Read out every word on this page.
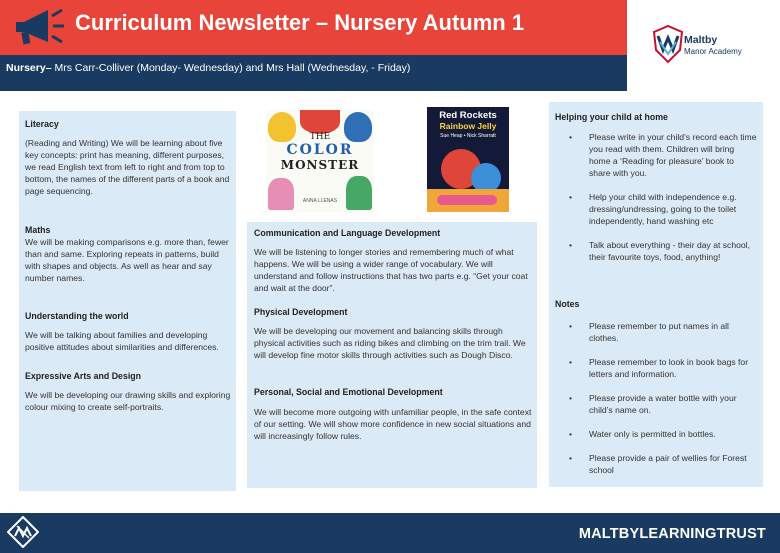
Curriculum Newsletter – Nursery Autumn 1
Nursery– Mrs Carr-Colliver (Monday- Wednesday) and Mrs Hall (Wednesday, - Friday)
Maltby
Manor Academy
Literacy

(Reading and Writing) We will be learning about five key concepts: print has meaning, different purposes, we read English text from left to right and from top to bottom, the names of the different parts of a book and page sequencing.

Maths

We will be making comparisons e.g. more than, fewer than and same. Exploring repeats in patterns, build with shapes and objects. As well as hear and say number names.

Understanding the world

We will be talking about families and developing positive attitudes about similarities and differences.

Expressive Arts and Design

We will be developing our drawing skills and exploring colour mixing to create self-portraits.

THE
COLOR
MONSTER
ANNA LLENAS
Red Rockets
Rainbow Jelly
Sue Heap • Nick Sharratt
Communication and Language Development

We will be listening to longer stories and remembering much of what happens. We will be using a wider range of vocabulary. We will understand and follow instructions that has two parts e.g. “Get your coat and wait at the door”.

Physical Development

We will be developing our movement and balancing skills through physical activities such as riding bikes and climbing on the trim trail. We will develop fine motor skills through activities such as Dough Disco.

Personal, Social and Emotional Development

We will become more outgoing with unfamiliar people, in the safe context of our setting. We will show more confidence in new social situations and will increasingly follow rules.

Helping your child at home
• Please write in your child’s record each time you read with them. Children will bring home a ‘Reading for pleasure’ book to share with you.
• Help your child with independence e.g. dressing/undressing, going to the toilet independently, hand washing etc
• Talk about everything - their day at school, their favourite toys, food, anything!
Notes
• Please remember to put names in all clothes.
• Please remember to look in book bags for letters and information.
• Please provide a water bottle with your child’s name on.
• Water only is permitted in bottles.
• Please provide a pair of wellies for Forest school
MALTBYLEARNINGTRUST
